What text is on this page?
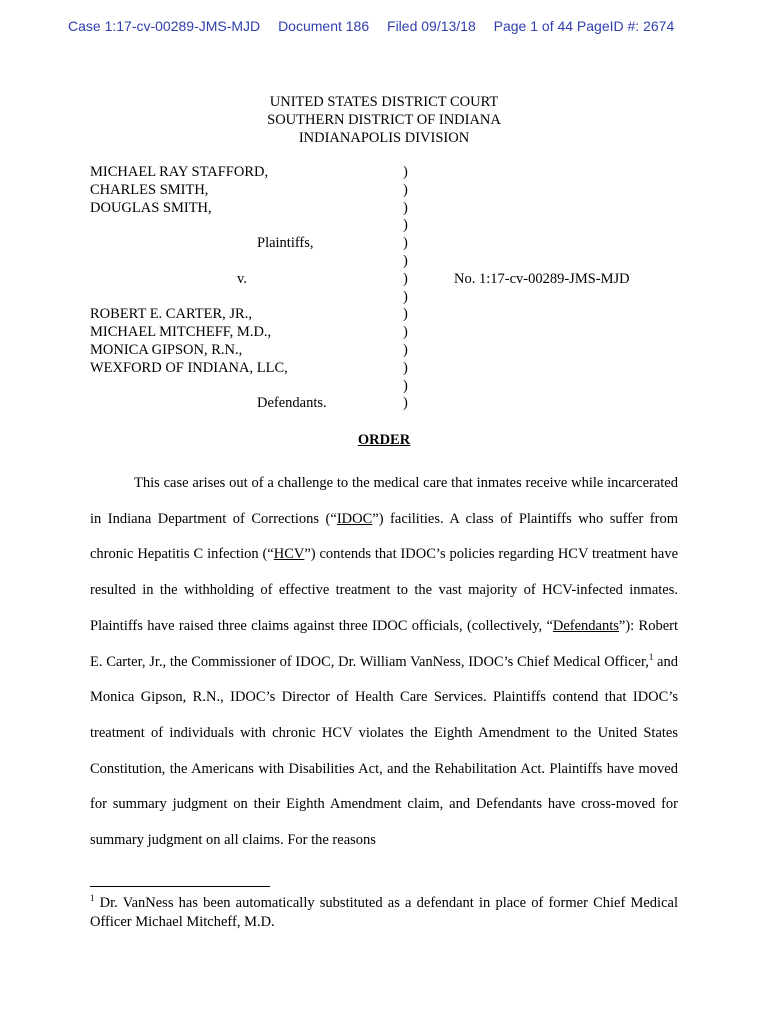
Case 1:17-cv-00289-JMS-MJD Document 186 Filed 09/13/18 Page 1 of 44 PageID #: 2674
UNITED STATES DISTRICT COURT
SOUTHERN DISTRICT OF INDIANA
INDIANAPOLIS DIVISION
MICHAEL RAY STAFFORD,	)
CHARLES SMITH,	)
DOUGLAS SMITH,	)
)
Plaintiffs,	)
)
v.	)	No. 1:17-cv-00289-JMS-MJD
)
ROBERT E. CARTER, JR.,	)
MICHAEL MITCHEFF, M.D.,	)
MONICA GIPSON, R.N.,	)
WEXFORD OF INDIANA, LLC,	)
)
Defendants.	)
ORDER

This case arises out of a challenge to the medical care that inmates receive while incarcerated in Indiana Department of Corrections (“IDOC”) facilities. A class of Plaintiffs who suffer from chronic Hepatitis C infection (“HCV”) contends that IDOC’s policies regarding HCV treatment have resulted in the withholding of effective treatment to the vast majority of HCV-infected inmates. Plaintiffs have raised three claims against three IDOC officials, (collectively, “Defendants”): Robert E. Carter, Jr., the Commissioner of IDOC, Dr. William VanNess, IDOC’s Chief Medical Officer,$^1$ and Monica Gipson, R.N., IDOC’s Director of Health Care Services. Plaintiffs contend that IDOC’s treatment of individuals with chronic HCV violates the Eighth Amendment to the United States Constitution, the Americans with Disabilities Act, and the Rehabilitation Act. Plaintiffs have moved for summary judgment on their Eighth Amendment claim, and Defendants have cross-moved for summary judgment on all claims. For the reasons

$^1$ Dr. VanNess has been automatically substituted as a defendant in place of former Chief Medical Officer Michael Mitcheff, M.D.
